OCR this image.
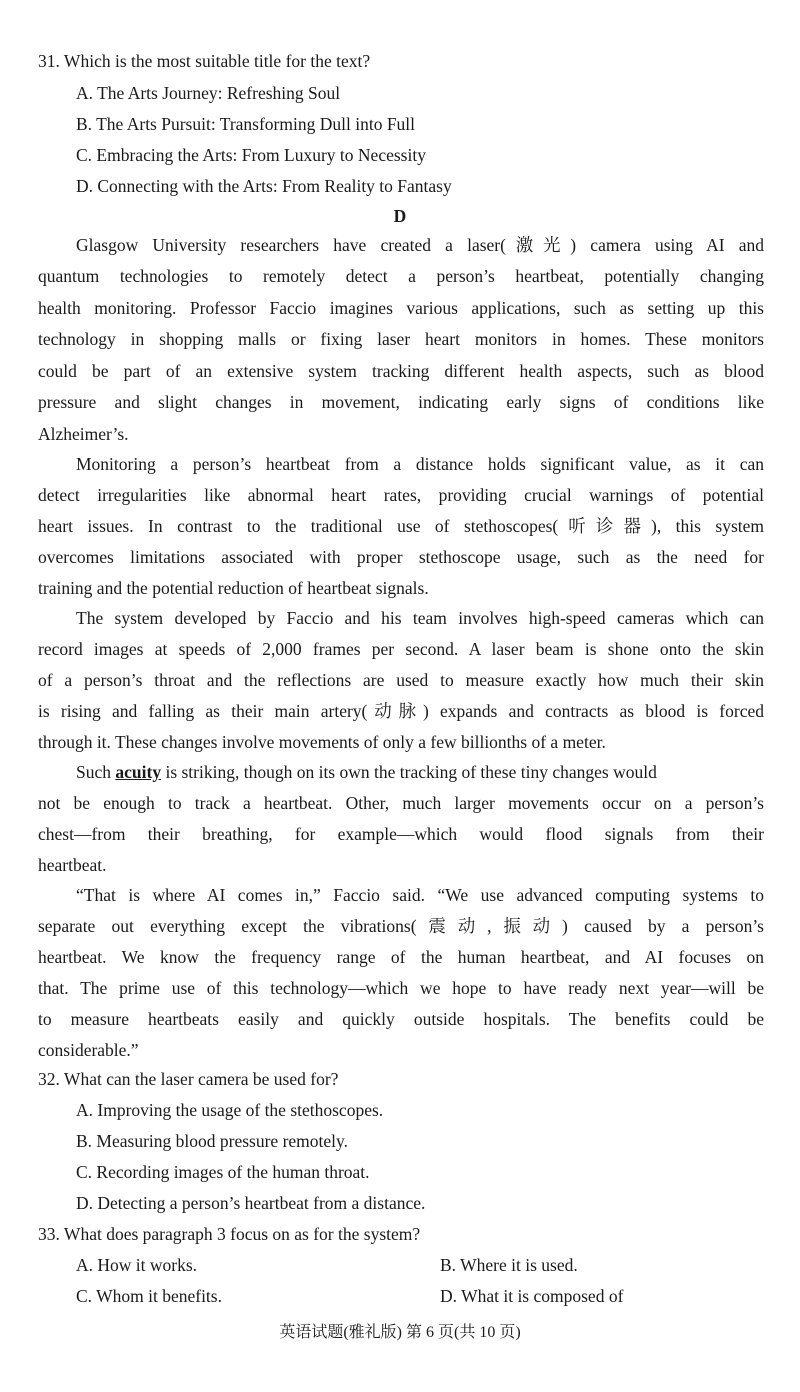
31. Which is the most suitable title for the text?
A. The Arts Journey: Refreshing Soul
B. The Arts Pursuit: Transforming Dull into Full
C. Embracing the Arts: From Luxury to Necessity
D. Connecting with the Arts: From Reality to Fantasy
D
Glasgow University researchers have created a laser(激光) camera using AI and
quantum technologies to remotely detect a person’s heartbeat, potentially changing
health monitoring. Professor Faccio imagines various applications, such as setting up this
technology in shopping malls or fixing laser heart monitors in homes. These monitors
could be part of an extensive system tracking different health aspects, such as blood
pressure and slight changes in movement, indicating early signs of conditions like
Alzheimer’s.
Monitoring a person’s heartbeat from a distance holds significant value, as it can
detect irregularities like abnormal heart rates, providing crucial warnings of potential
heart issues. In contrast to the traditional use of stethoscopes(听诊器), this system
overcomes limitations associated with proper stethoscope usage, such as the need for
training and the potential reduction of heartbeat signals.
The system developed by Faccio and his team involves high-speed cameras which can
record images at speeds of 2,000 frames per second. A laser beam is shone onto the skin
of a person’s throat and the reflections are used to measure exactly how much their skin
is rising and falling as their main artery(动脉) expands and contracts as blood is forced
through it. These changes involve movements of only a few billionths of a meter.
Such acuity is striking, though on its own the tracking of these tiny changes would
not be enough to track a heartbeat. Other, much larger movements occur on a person’s
chest—from their breathing, for example—which would flood signals from their
heartbeat.
“That is where AI comes in,” Faccio said. “We use advanced computing systems to
separate out everything except the vibrations(震动,振动) caused by a person’s
heartbeat. We know the frequency range of the human heartbeat, and AI focuses on
that. The prime use of this technology—which we hope to have ready next year—will be
to measure heartbeats easily and quickly outside hospitals. The benefits could be
considerable.”
32. What can the laser camera be used for?
A. Improving the usage of the stethoscopes.
B. Measuring blood pressure remotely.
C. Recording images of the human throat.
D. Detecting a person’s heartbeat from a distance.
33. What does paragraph 3 focus on as for the system?
A. How it works.	B. Where it is used.
C. Whom it benefits.	D. What it is composed of
英语试题(雅礼版) 第 6 页(共 10 页)
